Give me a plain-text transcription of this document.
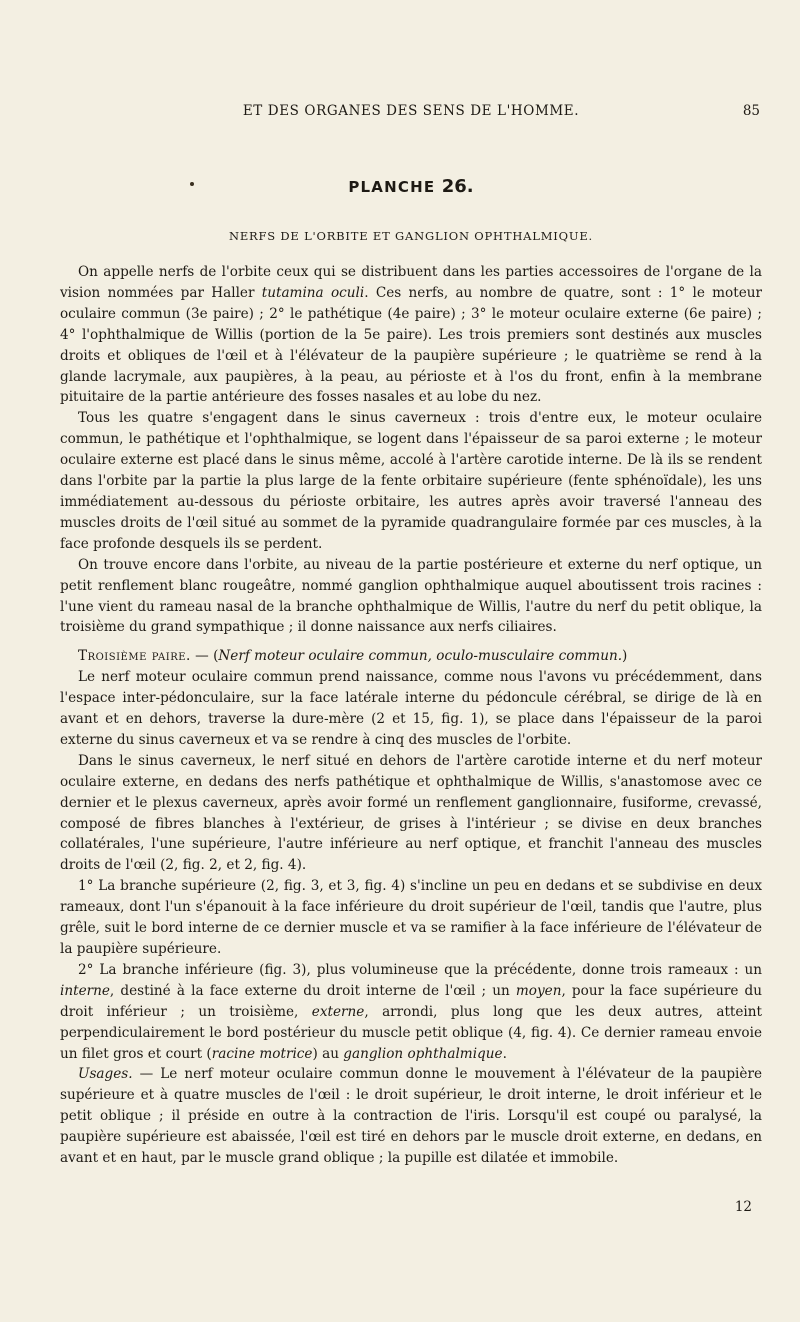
ET DES ORGANES DES SENS DE L'HOMME.	85
PLANCHE 26.
NERFS DE L'ORBITE ET GANGLION OPHTHALMIQUE.

On appelle nerfs de l'orbite ceux qui se distribuent dans les parties accessoires de l'organe de la vision nommées par Haller tutamina oculi. Ces nerfs, au nombre de quatre, sont : 1° le moteur oculaire commun (3e paire) ; 2° le pathétique (4e paire) ; 3° le moteur oculaire externe (6e paire) ; 4° l'ophthalmique de Willis (portion de la 5e paire). Les trois premiers sont destinés aux muscles droits et obliques de l'œil et à l'élévateur de la paupière supérieure ; le quatrième se rend à la glande lacrymale, aux paupières, à la peau, au périoste et à l'os du front, enfin à la membrane pituitaire de la partie antérieure des fosses nasales et au lobe du nez.

Tous les quatre s'engagent dans le sinus caverneux : trois d'entre eux, le moteur oculaire commun, le pathétique et l'ophthalmique, se logent dans l'épaisseur de sa paroi externe ; le moteur oculaire externe est placé dans le sinus même, accolé à l'artère carotide interne. De là ils se rendent dans l'orbite par la partie la plus large de la fente orbitaire supérieure (fente sphénoïdale), les uns immédiatement au-dessous du périoste orbitaire, les autres après avoir traversé l'anneau des muscles droits de l'œil situé au sommet de la pyramide quadrangulaire formée par ces muscles, à la face profonde desquels ils se perdent.

On trouve encore dans l'orbite, au niveau de la partie postérieure et externe du nerf optique, un petit renflement blanc rougeâtre, nommé ganglion ophthalmique auquel aboutissent trois racines : l'une vient du rameau nasal de la branche ophthalmique de Willis, l'autre du nerf du petit oblique, la troisième du grand sympathique ; il donne naissance aux nerfs ciliaires.

Troisième paire. — (Nerf moteur oculaire commun, oculo-musculaire commun.)

Le nerf moteur oculaire commun prend naissance, comme nous l'avons vu précédemment, dans l'espace inter-pédonculaire, sur la face latérale interne du pédoncule cérébral, se dirige de là en avant et en dehors, traverse la dure-mère (2 et 15, fig. 1), se place dans l'épaisseur de la paroi externe du sinus caverneux et va se rendre à cinq des muscles de l'orbite.

Dans le sinus caverneux, le nerf situé en dehors de l'artère carotide interne et du nerf moteur oculaire externe, en dedans des nerfs pathétique et ophthalmique de Willis, s'anastomose avec ce dernier et le plexus caverneux, après avoir formé un renflement ganglionnaire, fusiforme, crevassé, composé de fibres blanches à l'extérieur, de grises à l'intérieur ; se divise en deux branches collatérales, l'une supérieure, l'autre inférieure au nerf optique, et franchit l'anneau des muscles droits de l'œil (2, fig. 2, et 2, fig. 4).

1° La branche supérieure (2, fig. 3, et 3, fig. 4) s'incline un peu en dedans et se subdivise en deux rameaux, dont l'un s'épanouit à la face inférieure du droit supérieur de l'œil, tandis que l'autre, plus grêle, suit le bord interne de ce dernier muscle et va se ramifier à la face inférieure de l'élévateur de la paupière supérieure.

2° La branche inférieure (fig. 3), plus volumineuse que la précédente, donne trois rameaux : un interne, destiné à la face externe du droit interne de l'œil ; un moyen, pour la face supérieure du droit inférieur ; un troisième, externe, arrondi, plus long que les deux autres, atteint perpendiculairement le bord postérieur du muscle petit oblique (4, fig. 4). Ce dernier rameau envoie un filet gros et court (racine motrice) au ganglion ophthalmique.

Usages. — Le nerf moteur oculaire commun donne le mouvement à l'élévateur de la paupière supérieure et à quatre muscles de l'œil : le droit supérieur, le droit interne, le droit inférieur et le petit oblique ; il préside en outre à la contraction de l'iris. Lorsqu'il est coupé ou paralysé, la paupière supérieure est abaissée, l'œil est tiré en dehors par le muscle droit externe, en dedans, en avant et en haut, par le muscle grand oblique ; la pupille est dilatée et immobile.

12
